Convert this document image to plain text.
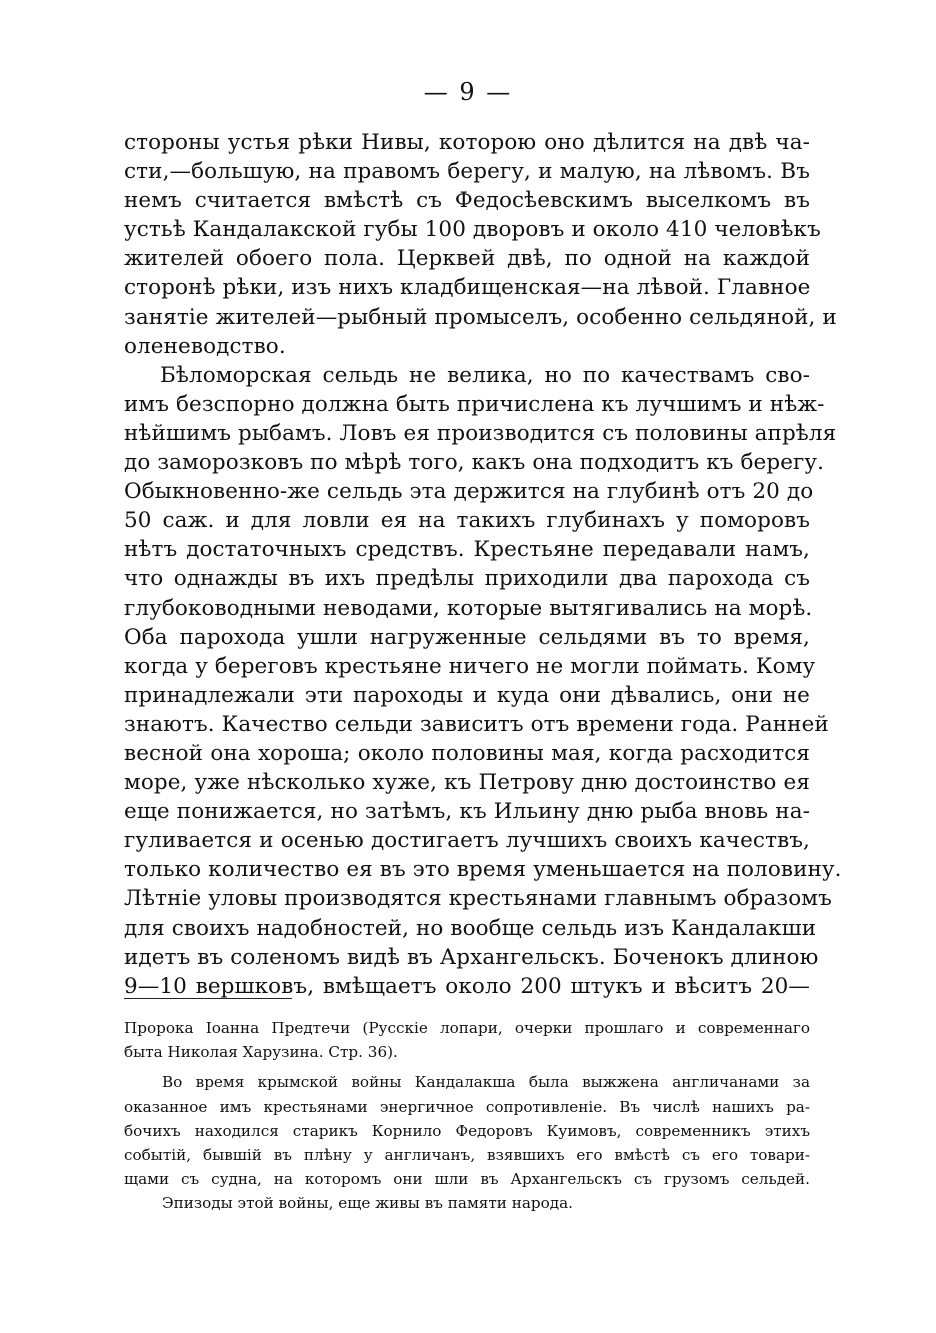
— 9 —
стороны устья рѣки Нивы, которою оно дѣлится на двѣ ча-
сти,—большую, на правомъ берегу, и малую, на лѣвомъ. Въ
немъ считается вмѣстѣ съ Федосѣевскимъ выселкомъ въ
устьѣ Кандалакской губы 100 дворовъ и около 410 человѣкъ
жителей обоего пола. Церквей двѣ, по одной на каждой
сторонѣ рѣки, изъ нихъ кладбищенская—на лѣвой. Главное
занятіе жителей—рыбный промыселъ, особенно сельдяной, и
оленеводство.
Бѣломорская сельдь не велика, но по качествамъ сво-
имъ безспорно должна быть причислена къ лучшимъ и нѣж-
нѣйшимъ рыбамъ. Ловъ ея производится съ половины апрѣля
до заморозковъ по мѣрѣ того, какъ она подходитъ къ берегу.
Обыкновенно-же сельдь эта держится на глубинѣ отъ 20 до
50 саж. и для ловли ея на такихъ глубинахъ у поморовъ
нѣтъ достаточныхъ средствъ. Крестьяне передавали намъ,
что однажды въ ихъ предѣлы приходили два парохода съ
глубоководными неводами, которые вытягивались на морѣ.
Оба парохода ушли нагруженные сельдями въ то время,
когда у береговъ крестьяне ничего не могли поймать. Кому
принадлежали эти пароходы и куда они дѣвались, они не
знаютъ. Качество сельди зависитъ отъ времени года. Ранней
весной она хороша; около половины мая, когда расходится
море, уже нѣсколько хуже, къ Петрову дню достоинство ея
еще понижается, но затѣмъ, къ Ильину дню рыба вновь на-
гуливается и осенью достигаетъ лучшихъ своихъ качествъ,
только количество ея въ это время уменьшается на половину.
Лѣтніе уловы производятся крестьянами главнымъ образомъ
для своихъ надобностей, но вообще сельдь изъ Кандалакши
идетъ въ соленомъ видѣ въ Архангельскъ. Боченокъ длиною
9—10 вершковъ, вмѣщаетъ около 200 штукъ и вѣситъ 20—
Пророка Іоанна Предтечи (Русскіе лопари, очерки прошлаго и современнаго
быта Николая Харузина. Стр. 36).
Во время крымской войны Кандалакша была выжжена англичанами за
оказанное имъ крестьянами энергичное сопротивленіе. Въ числѣ нашихъ ра-
бочихъ находился старикъ Корнило Федоровъ Куимовъ, современникъ этихъ
событій, бывшій въ плѣну у англичанъ, взявшихъ его вмѣстѣ съ его товари-
щами съ судна, на которомъ они шли въ Архангельскъ съ грузомъ сельдей.
Эпизоды этой войны, еще живы въ памяти народа.
